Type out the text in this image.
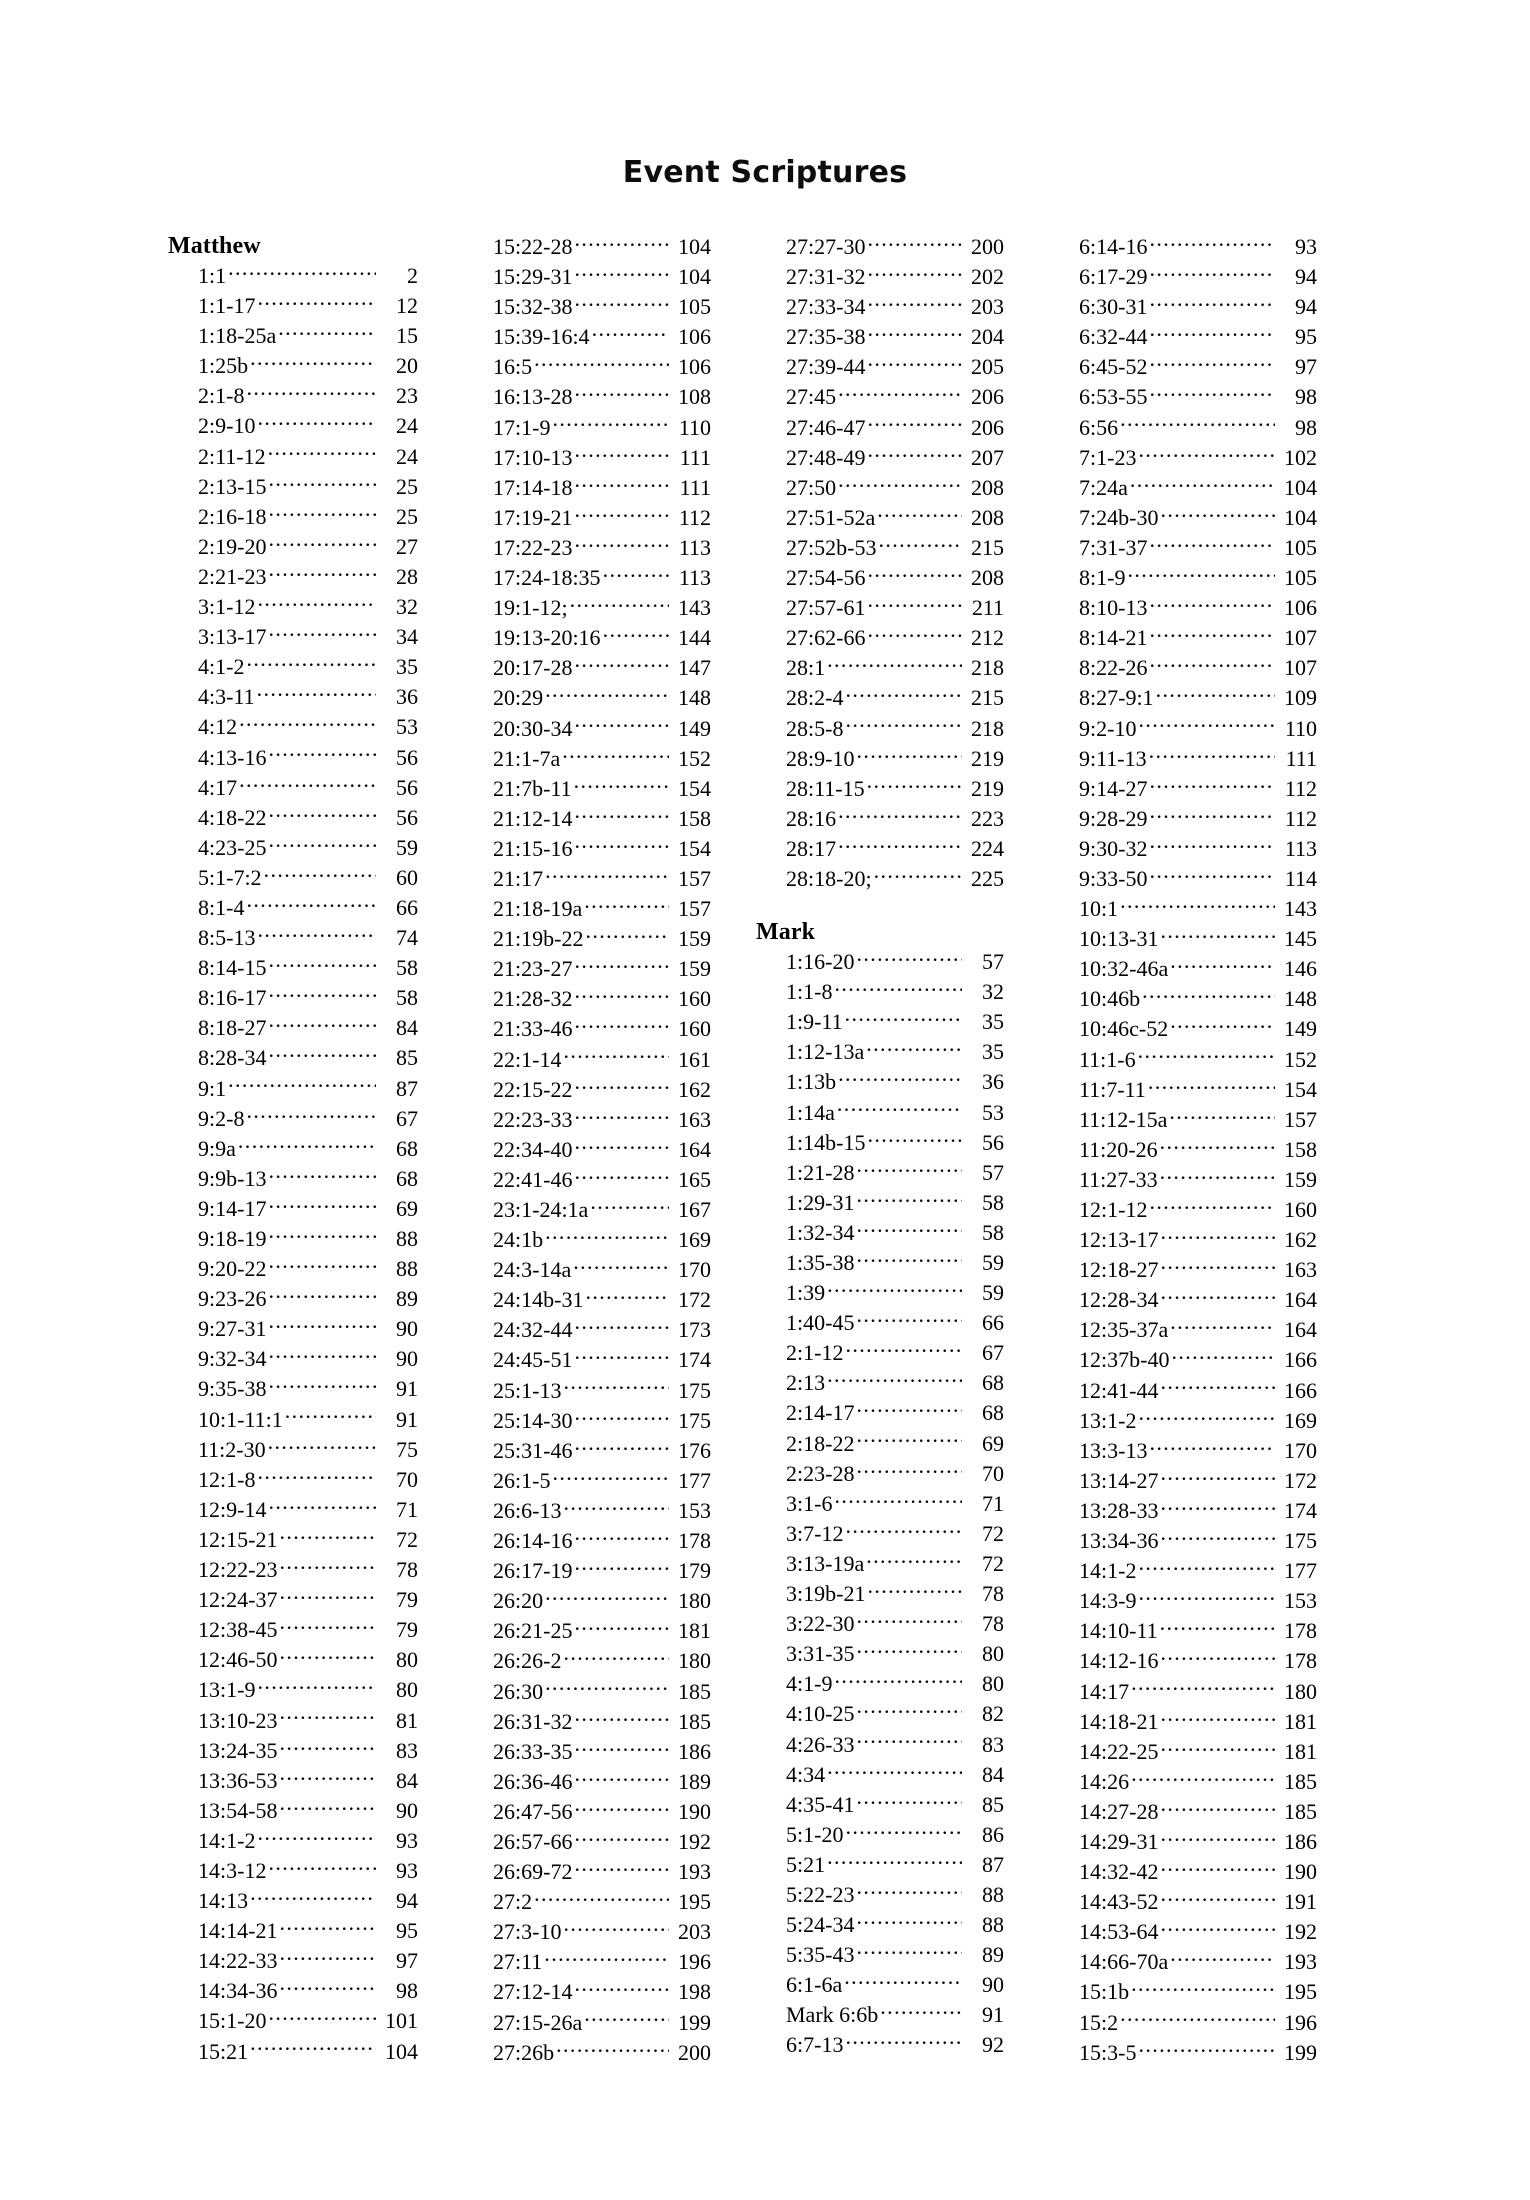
Event Scriptures
Matthew
1:1 .....	2
1:1-17 .....	12
1:18-25a .....	15
1:25b .....	20
2:1-8 .....	23
2:9-10 .....	24
2:11-12 .....	24
2:13-15 .....	25
2:16-18 .....	25
2:19-20 .....	27
2:21-23 .....	28
3:1-12 .....	32
3:13-17 .....	34
4:1-2 .....	35
4:3-11 .....	36
4:12 .....	53
4:13-16 .....	56
4:17 .....	56
4:18-22 .....	56
4:23-25 .....	59
5:1-7:2 .....	60
8:1-4 .....	66
8:5-13 .....	74
8:14-15 .....	58
8:16-17 .....	58
8:18-27 .....	84
8:28-34 .....	85
9:1 .....	87
9:2-8 .....	67
9:9a .....	68
9:9b-13 .....	68
9:14-17 .....	69
9:18-19 .....	88
9:20-22 .....	88
9:23-26 .....	89
9:27-31 .....	90
9:32-34 .....	90
9:35-38 .....	91
10:1-11:1 .....	91
11:2-30 .....	75
12:1-8 .....	70
12:9-14 .....	71
12:15-21 .....	72
12:22-23 .....	78
12:24-37 .....	79
12:38-45 .....	79
12:46-50 .....	80
13:1-9 .....	80
13:10-23 .....	81
13:24-35 .....	83
13:36-53 .....	84
13:54-58 .....	90
14:1-2 .....	93
14:3-12 .....	93
14:13 .....	94
14:14-21 .....	95
14:22-33 .....	97
14:34-36 .....	98
15:1-20 .....	101
15:21 .....	104
15:22-28 .....	104
15:29-31 .....	104
15:32-38 .....	105
15:39-16:4 .....	106
16:5 .....	106
16:13-28 .....	108
17:1-9 .....	110
17:10-13 .....	111
17:14-18 .....	111
17:19-21 .....	112
17:22-23 .....	113
17:24-18:35 .....	113
19:1-12; .....	143
19:13-20:16 .....	144
20:17-28 .....	147
20:29 .....	148
20:30-34 .....	149
21:1-7a .....	152
21:7b-11 .....	154
21:12-14 .....	158
21:15-16 .....	154
21:17 .....	157
21:18-19a .....	157
21:19b-22 .....	159
21:23-27 .....	159
21:28-32 .....	160
21:33-46 .....	160
22:1-14 .....	161
22:15-22 .....	162
22:23-33 .....	163
22:34-40 .....	164
22:41-46 .....	165
23:1-24:1a .....	167
24:1b .....	169
24:3-14a .....	170
24:14b-31 .....	172
24:32-44 .....	173
24:45-51 .....	174
25:1-13 .....	175
25:14-30 .....	175
25:31-46 .....	176
26:1-5 .....	177
26:6-13 .....	153
26:14-16 .....	178
26:17-19 .....	179
26:20 .....	180
26:21-25 .....	181
26:26-2 .....	180
26:30 .....	185
26:31-32 .....	185
26:33-35 .....	186
26:36-46 .....	189
26:47-56 .....	190
26:57-66 .....	192
26:69-72 .....	193
27:2 .....	195
27:3-10 .....	203
27:11 .....	196
27:12-14 .....	198
27:15-26a .....	199
27:26b .....	200
27:27-30 .....	200
27:31-32 .....	202
27:33-34 .....	203
27:35-38 .....	204
27:39-44 .....	205
27:45 .....	206
27:46-47 .....	206
27:48-49 .....	207
27:50 .....	208
27:51-52a .....	208
27:52b-53 .....	215
27:54-56 .....	208
27:57-61 .....	211
27:62-66 .....	212
28:1 .....	218
28:2-4 .....	215
28:5-8 .....	218
28:9-10 .....	219
28:11-15 .....	219
28:16 .....	223
28:17 .....	224
28:18-20; .....	225
Mark
1:16-20 .....	57
1:1-8 .....	32
1:9-11 .....	35
1:12-13a .....	35
1:13b .....	36
1:14a .....	53
1:14b-15 .....	56
1:21-28 .....	57
1:29-31 .....	58
1:32-34 .....	58
1:35-38 .....	59
1:39 .....	59
1:40-45 .....	66
2:1-12 .....	67
2:13 .....	68
2:14-17 .....	68
2:18-22 .....	69
2:23-28 .....	70
3:1-6 .....	71
3:7-12 .....	72
3:13-19a .....	72
3:19b-21 .....	78
3:22-30 .....	78
3:31-35 .....	80
4:1-9 .....	80
4:10-25 .....	82
4:26-33 .....	83
4:34 .....	84
4:35-41 .....	85
5:1-20 .....	86
5:21 .....	87
5:22-23 .....	88
5:24-34 .....	88
5:35-43 .....	89
6:1-6a .....	90
Mark 6:6b .....	91
6:7-13 .....	92
6:14-16 .....	93
6:17-29 .....	94
6:30-31 .....	94
6:32-44 .....	95
6:45-52 .....	97
6:53-55 .....	98
6:56 .....	98
7:1-23 .....	102
7:24a .....	104
7:24b-30 .....	104
7:31-37 .....	105
8:1-9 .....	105
8:10-13 .....	106
8:14-21 .....	107
8:22-26 .....	107
8:27-9:1 .....	109
9:2-10 .....	110
9:11-13 .....	111
9:14-27 .....	112
9:28-29 .....	112
9:30-32 .....	113
9:33-50 .....	114
10:1 .....	143
10:13-31 .....	145
10:32-46a .....	146
10:46b .....	148
10:46c-52 .....	149
11:1-6 .....	152
11:7-11 .....	154
11:12-15a .....	157
11:20-26 .....	158
11:27-33 .....	159
12:1-12 .....	160
12:13-17 .....	162
12:18-27 .....	163
12:28-34 .....	164
12:35-37a .....	164
12:37b-40 .....	166
12:41-44 .....	166
13:1-2 .....	169
13:3-13 .....	170
13:14-27 .....	172
13:28-33 .....	174
13:34-36 .....	175
14:1-2 .....	177
14:3-9 .....	153
14:10-11 .....	178
14:12-16 .....	178
14:17 .....	180
14:18-21 .....	181
14:22-25 .....	181
14:26 .....	185
14:27-28 .....	185
14:29-31 .....	186
14:32-42 .....	190
14:43-52 .....	191
14:53-64 .....	192
14:66-70a .....	193
15:1b .....	195
15:2 .....	196
15:3-5 .....	199
